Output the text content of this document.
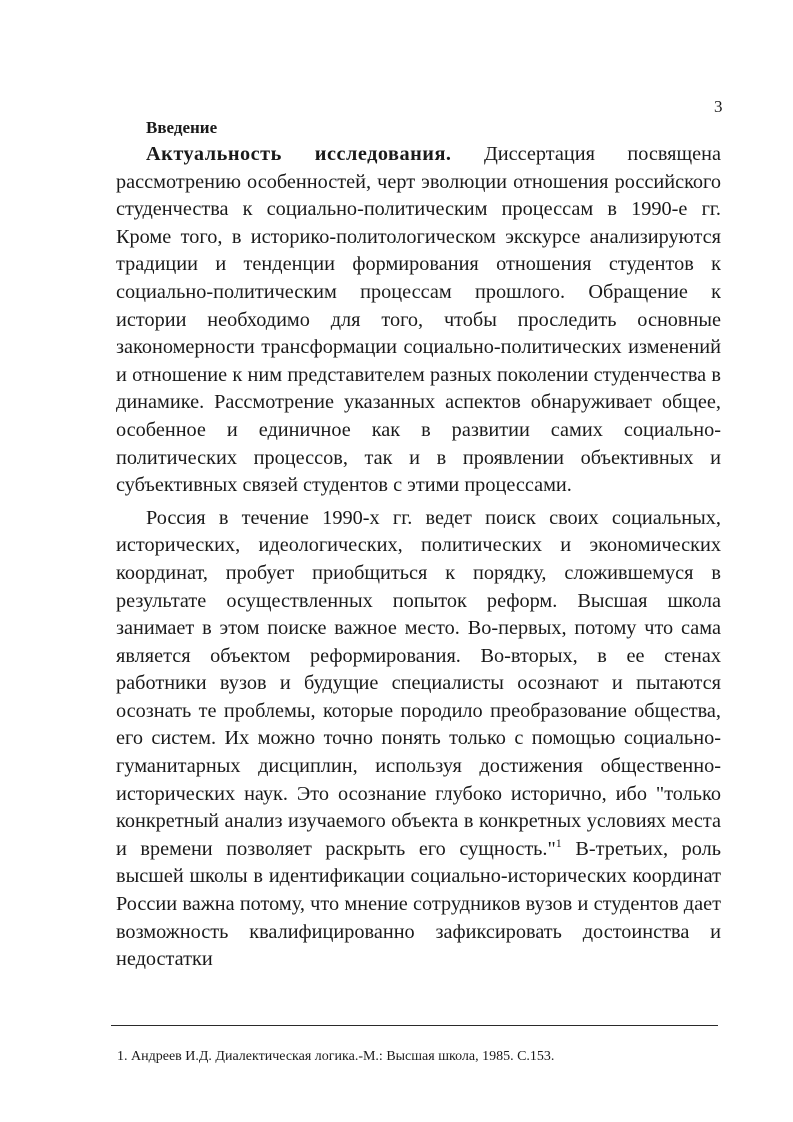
3
Введение

Актуальность исследования. Диссертация посвящена рассмотрению особенностей, черт эволюции отношения российского студенчества к социально-политическим процессам в 1990-е гг. Кроме того, в историко-политологическом экскурсе анализируются традиции и тенденции формирования отношения студентов к социально-политическим процессам прошлого. Обращение к истории необходимо для того, чтобы проследить основные закономерности трансформации социально-политических изменений и отношение к ним представителем разных поколении студенчества в динамике. Рассмотрение указанных аспектов обнаруживает общее, особенное и единичное как в развитии самих социально-политических процессов, так и в проявлении объективных и субъективных связей студентов с этими процессами.

Россия в течение 1990-х гг. ведет поиск своих социальных, исторических, идеологических, политических и экономических координат, пробует приобщиться к порядку, сложившемуся в результате осуществленных попыток реформ. Высшая школа занимает в этом поиске важное место. Во-первых, потому что сама является объектом реформирования. Во-вторых, в ее стенах работники вузов и будущие специалисты осознают и пытаются осознать те проблемы, которые породило преобразование общества, его систем. Их можно точно понять только с помощью социально-гуманитарных дисциплин, используя достижения общественно-исторических наук. Это осознание глубоко исторично, ибо "только конкретный анализ изучаемого объекта в конкретных условиях места и времени позволяет раскрыть его сущность."$^1$ В-третьих, роль высшей школы в идентификации социально-исторических координат России важна потому, что мнение сотрудников вузов и студентов дает возможность квалифицированно зафиксировать достоинства и недостатки

1. Андреев И.Д. Диалектическая логика.-М.: Высшая школа, 1985. С.153.
